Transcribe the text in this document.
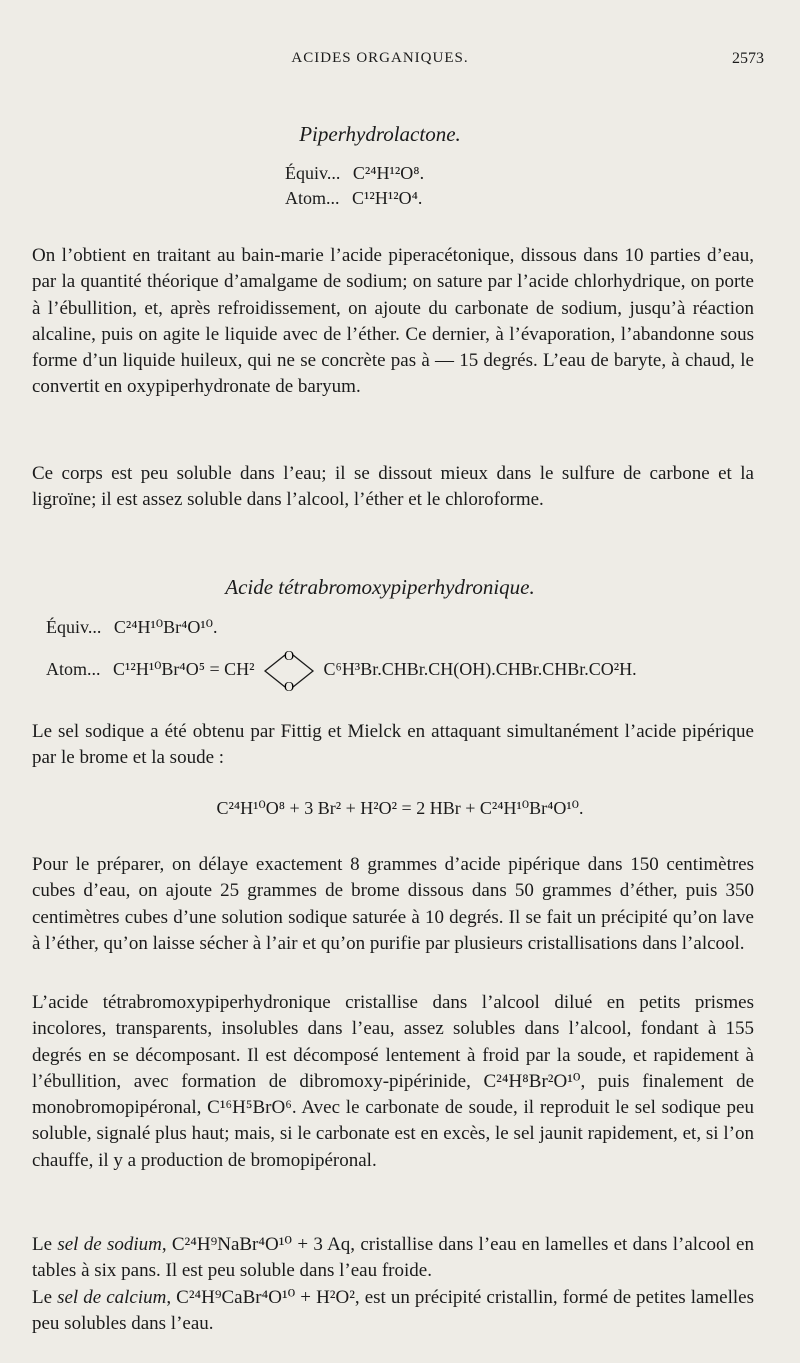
ACIDES ORGANIQUES.	2573
Piperhydrolactone.
Équiv... C²⁴H¹²O⁸.
Atom... C¹²H¹²O⁴.
On l’obtient en traitant au bain-marie l’acide piperacétonique, dissous dans 10 parties d’eau, par la quantité théorique d’amalgame de sodium; on sature par l’acide chlorhydrique, on porte à l’ébullition, et, après refroidissement, on ajoute du carbonate de sodium, jusqu’à réaction alcaline, puis on agite le liquide avec de l’éther. Ce dernier, à l’évaporation, l’abandonne sous forme d’un liquide huileux, qui ne se concrète pas à — 15 degrés. L’eau de baryte, à chaud, le convertit en oxypiperhydronate de baryum.
Ce corps est peu soluble dans l’eau; il se dissout mieux dans le sulfure de carbone et la ligroïne; il est assez soluble dans l’alcool, l’éther et le chloroforme.
Acide tétrabromoxypiperhydronique.
Équiv... C²⁴H¹⁰Br⁴O¹⁰.
Atom... C¹²H¹⁰Br⁴O⁵ = CH²
O
O
C⁶H³Br.CHBr.CH(OH).CHBr.CHBr.CO²H.
Le sel sodique a été obtenu par Fittig et Mielck en attaquant simultanément l’acide pipérique par le brome et la soude :
C²⁴H¹⁰O⁸ + 3 Br² + H²O² = 2 HBr + C²⁴H¹⁰Br⁴O¹⁰.
Pour le préparer, on délaye exactement 8 grammes d’acide pipérique dans 150 centimètres cubes d’eau, on ajoute 25 grammes de brome dissous dans 50 grammes d’éther, puis 350 centimètres cubes d’une solution sodique saturée à 10 degrés. Il se fait un précipité qu’on lave à l’éther, qu’on laisse sécher à l’air et qu’on purifie par plusieurs cristallisations dans l’alcool.
L’acide tétrabromoxypiperhydronique cristallise dans l’alcool dilué en petits prismes incolores, transparents, insolubles dans l’eau, assez solubles dans l’alcool, fondant à 155 degrés en se décomposant. Il est décomposé lentement à froid par la soude, et rapidement à l’ébullition, avec formation de dibromoxy-pipérinide, C²⁴H⁸Br²O¹⁰, puis finalement de monobromopipéronal, C¹⁶H⁵BrO⁶. Avec le carbonate de soude, il reproduit le sel sodique peu soluble, signalé plus haut; mais, si le carbonate est en excès, le sel jaunit rapidement, et, si l’on chauffe, il y a production de bromopipéronal.
Le sel de sodium, C²⁴H⁹NaBr⁴O¹⁰ + 3 Aq, cristallise dans l’eau en lamelles et dans l’alcool en tables à six pans. Il est peu soluble dans l’eau froide.
Le sel de calcium, C²⁴H⁹CaBr⁴O¹⁰ + H²O², est un précipité cristallin, formé de petites lamelles peu solubles dans l’eau.
